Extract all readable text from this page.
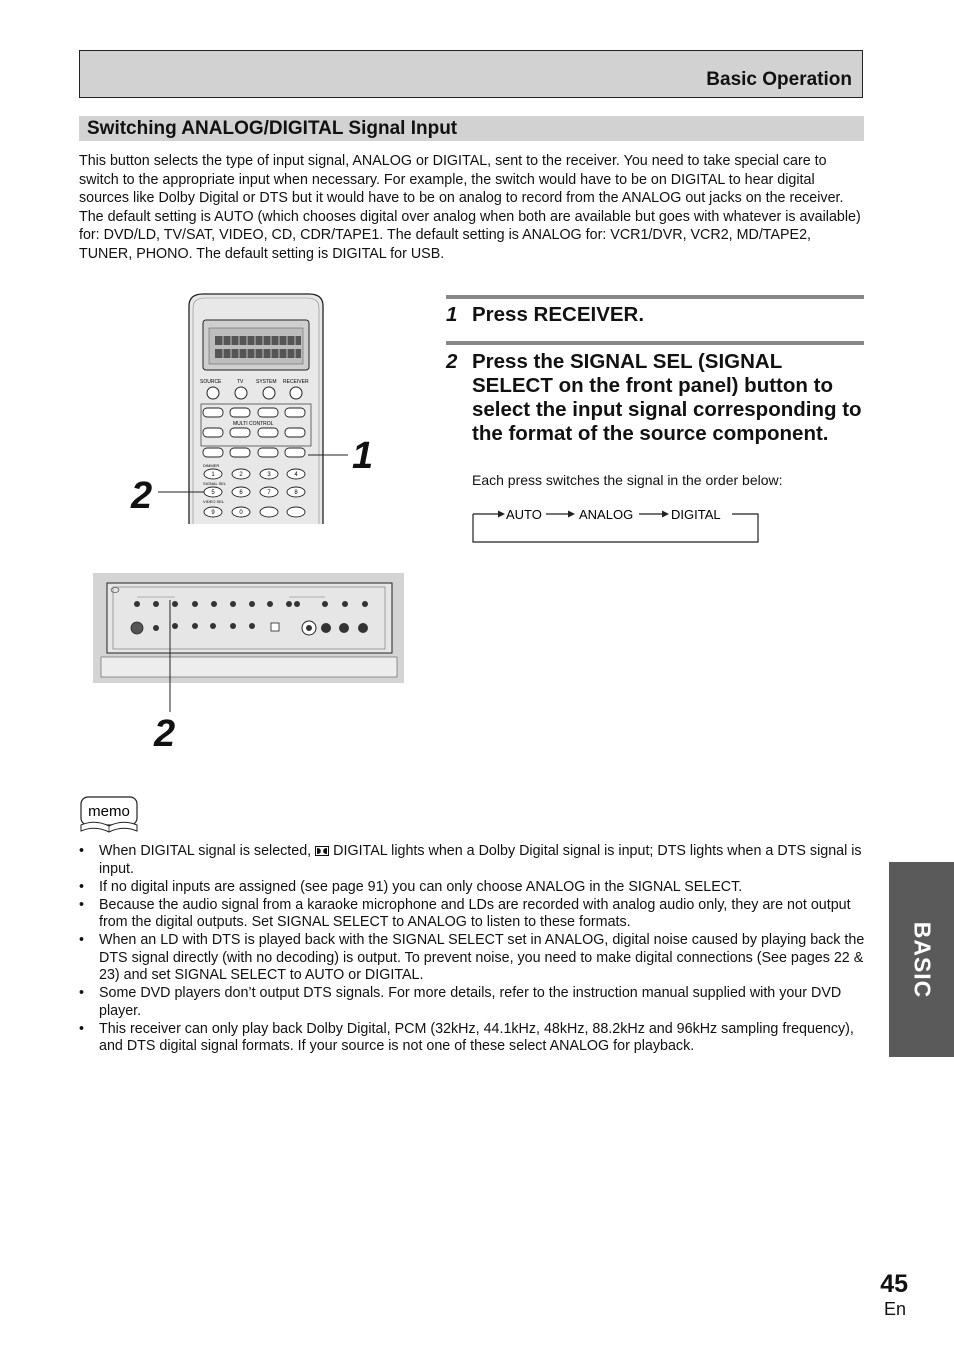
Basic Operation
Switching ANALOG/DIGITAL Signal Input

This button selects the type of input signal, ANALOG or DIGITAL, sent to the receiver. You need to take special care to switch to the appropriate input when necessary. For example, the switch would have to be on DIGITAL to hear digital sources like Dolby Digital or DTS but it would have to be on analog to record from the ANALOG out jacks on the receiver. The default setting is AUTO (which chooses digital over analog when both are available but goes with whatever is available) for: DVD/LD, TV/SAT, VIDEO, CD, CDR/TAPE1. The default setting is ANALOG for: VCR1/DVR, VCR2, MD/TAPE2, TUNER, PHONO. The default setting is DIGITAL for USB.

SOURCE	TV	SYSTEM RECEIVER
MULTI CONTROL
1	2	3	4
5	6	7	8
9	0
DIMMER
SIGNAL SEL
VIDEO SEL
1
2
2
1 Press RECEIVER.
2 Press the SIGNAL SEL (SIGNAL SELECT on the front panel) button to select the input signal corresponding to the format of the source component.
Each press switches the signal in the order below:
AUTO	ANALOG	DIGITAL
memo
• When DIGITAL signal is selected, DIGITAL lights when a Dolby Digital signal is input; DTS lights when a DTS signal is input.
• If no digital inputs are assigned (see page 91) you can only choose ANALOG in the SIGNAL SELECT.
• Because the audio signal from a karaoke microphone and LDs are recorded with analog audio only, they are not output from the digital outputs. Set SIGNAL SELECT to ANALOG to listen to these formats.
• When an LD with DTS is played back with the SIGNAL SELECT set in ANALOG, digital noise caused by playing back the DTS signal directly (with no decoding) is output. To prevent noise, you need to make digital connections (See pages 22 & 23) and set SIGNAL SELECT to AUTO or DIGITAL.
• Some DVD players don’t output DTS signals. For more details, refer to the instruction manual supplied with your DVD player.
• This receiver can only play back Dolby Digital, PCM (32kHz, 44.1kHz, 48kHz, 88.2kHz and 96kHz sampling frequency), and DTS digital signal formats. If your source is not one of these select ANALOG for playback.
BASIC
45
En
